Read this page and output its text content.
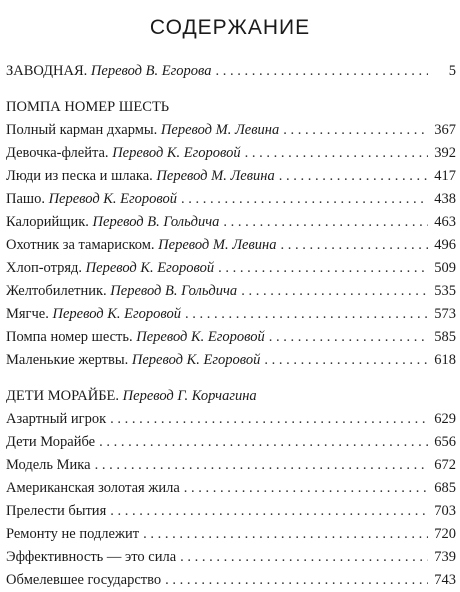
СОДЕРЖАНИЕ
ЗАВОДНАЯ. Перевод В. Егорова . . .	5
ПОМПА НОМЕР ШЕСТЬ
Полный карман дхармы. Перевод М. Левина . . .	367
Девочка-флейта. Перевод К. Егоровой . . .	392
Люди из песка и шлака. Перевод М. Левина . . .	417
Пашо. Перевод К. Егоровой . . .	438
Калорийщик. Перевод В. Гольдича . . .	463
Охотник за тамариском. Перевод М. Левина . . .	496
Хлоп-отряд. Перевод К. Егоровой . . .	509
Желтобилетник. Перевод В. Гольдича . . .	535
Мягче. Перевод К. Егоровой . . .	573
Помпа номер шесть. Перевод К. Егоровой . . .	585
Маленькие жертвы. Перевод К. Егоровой . . .	618
ДЕТИ МОРАЙБЕ. Перевод Г. Корчагина
Азартный игрок . . .	629
Дети Морайбе . . .	656
Модель Мика . . .	672
Американская золотая жила . . .	685
Прелести бытия . . .	703
Ремонту не подлежит . . .	720
Эффективность — это сила . . .	739
Обмелевшее государство . . .	743
